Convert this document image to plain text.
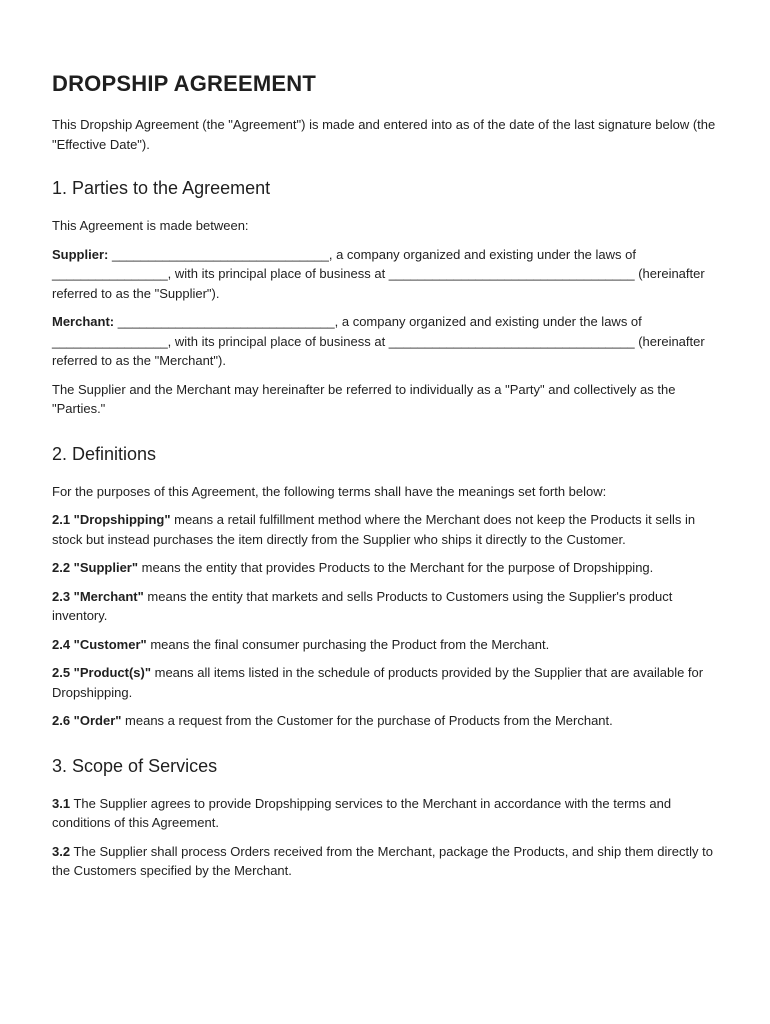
DROPSHIP AGREEMENT

This Dropship Agreement (the "Agreement") is made and entered into as of the date of the last signature below (the "Effective Date").

1. Parties to the Agreement

This Agreement is made between:

Supplier: ______________________________, a company organized and existing under the laws of ________________, with its principal place of business at __________________________________ (hereinafter referred to as the "Supplier").

Merchant: ______________________________, a company organized and existing under the laws of ________________, with its principal place of business at __________________________________ (hereinafter referred to as the "Merchant").

The Supplier and the Merchant may hereinafter be referred to individually as a "Party" and collectively as the "Parties."

2. Definitions

For the purposes of this Agreement, the following terms shall have the meanings set forth below:

2.1 "Dropshipping" means a retail fulfillment method where the Merchant does not keep the Products it sells in stock but instead purchases the item directly from the Supplier who ships it directly to the Customer.

2.2 "Supplier" means the entity that provides Products to the Merchant for the purpose of Dropshipping.

2.3 "Merchant" means the entity that markets and sells Products to Customers using the Supplier's product inventory.

2.4 "Customer" means the final consumer purchasing the Product from the Merchant.

2.5 "Product(s)" means all items listed in the schedule of products provided by the Supplier that are available for Dropshipping.

2.6 "Order" means a request from the Customer for the purchase of Products from the Merchant.

3. Scope of Services

3.1 The Supplier agrees to provide Dropshipping services to the Merchant in accordance with the terms and conditions of this Agreement.

3.2 The Supplier shall process Orders received from the Merchant, package the Products, and ship them directly to the Customers specified by the Merchant.
